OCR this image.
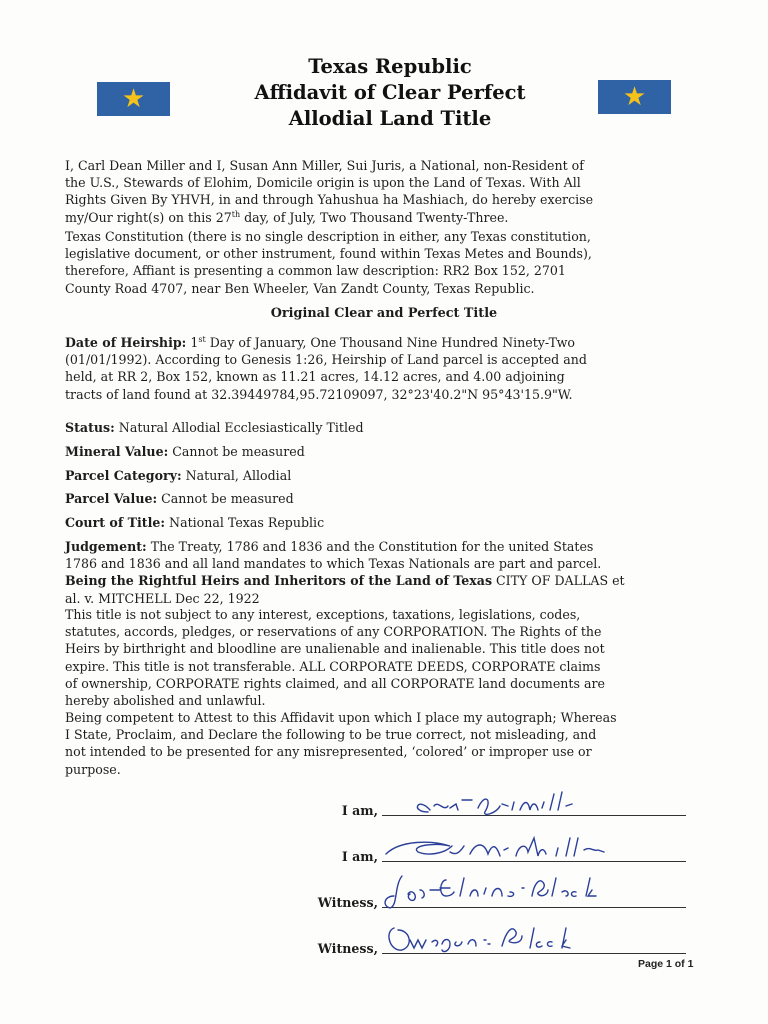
★	★
Texas Republic
Affidavit of Clear Perfect
Allodial Land Title
I, Carl Dean Miller and I, Susan Ann Miller, Sui Juris, a National, non-Resident of
the U.S., Stewards of Elohim, Domicile origin is upon the Land of Texas. With All
Rights Given By YHVH, in and through Yahushua ha Mashiach, do hereby exercise
my/Our right(s) on this 27th day, of July, Two Thousand Twenty-Three.
Texas Constitution (there is no single description in either, any Texas constitution,
legislative document, or other instrument, found within Texas Metes and Bounds),
therefore, Affiant is presenting a common law description: RR2 Box 152, 2701
County Road 4707, near Ben Wheeler, Van Zandt County, Texas Republic.
Original Clear and Perfect Title
Date of Heirship: 1st Day of January, One Thousand Nine Hundred Ninety-Two
(01/01/1992). According to Genesis 1:26, Heirship of Land parcel is accepted and
held, at RR 2, Box 152, known as 11.21 acres, 14.12 acres, and 4.00 adjoining
tracts of land found at 32.39449784,95.72109097, 32°23'40.2"N 95°43'15.9"W.
Status: Natural Allodial Ecclesiastically Titled
Mineral Value: Cannot be measured
Parcel Category: Natural, Allodial
Parcel Value: Cannot be measured
Court of Title: National Texas Republic
Judgement: The Treaty, 1786 and 1836 and the Constitution for the united States
1786 and 1836 and all land mandates to which Texas Nationals are part and parcel.
Being the Rightful Heirs and Inheritors of the Land of Texas CITY OF DALLAS et
al. v. MITCHELL Dec 22, 1922
This title is not subject to any interest, exceptions, taxations, legislations, codes,
statutes, accords, pledges, or reservations of any CORPORATION. The Rights of the
Heirs by birthright and bloodline are unalienable and inalienable. This title does not
expire. This title is not transferable. ALL CORPORATE DEEDS, CORPORATE claims
of ownership, CORPORATE rights claimed, and all CORPORATE land documents are
hereby abolished and unlawful.
Being competent to Attest to this Affidavit upon which I place my autograph; Whereas
I State, Proclaim, and Declare the following to be true correct, not misleading, and
not intended to be presented for any misrepresented, ‘colored’ or improper use or
purpose.
I am,
I am,
Witness,
Witness,
Page 1 of 1
